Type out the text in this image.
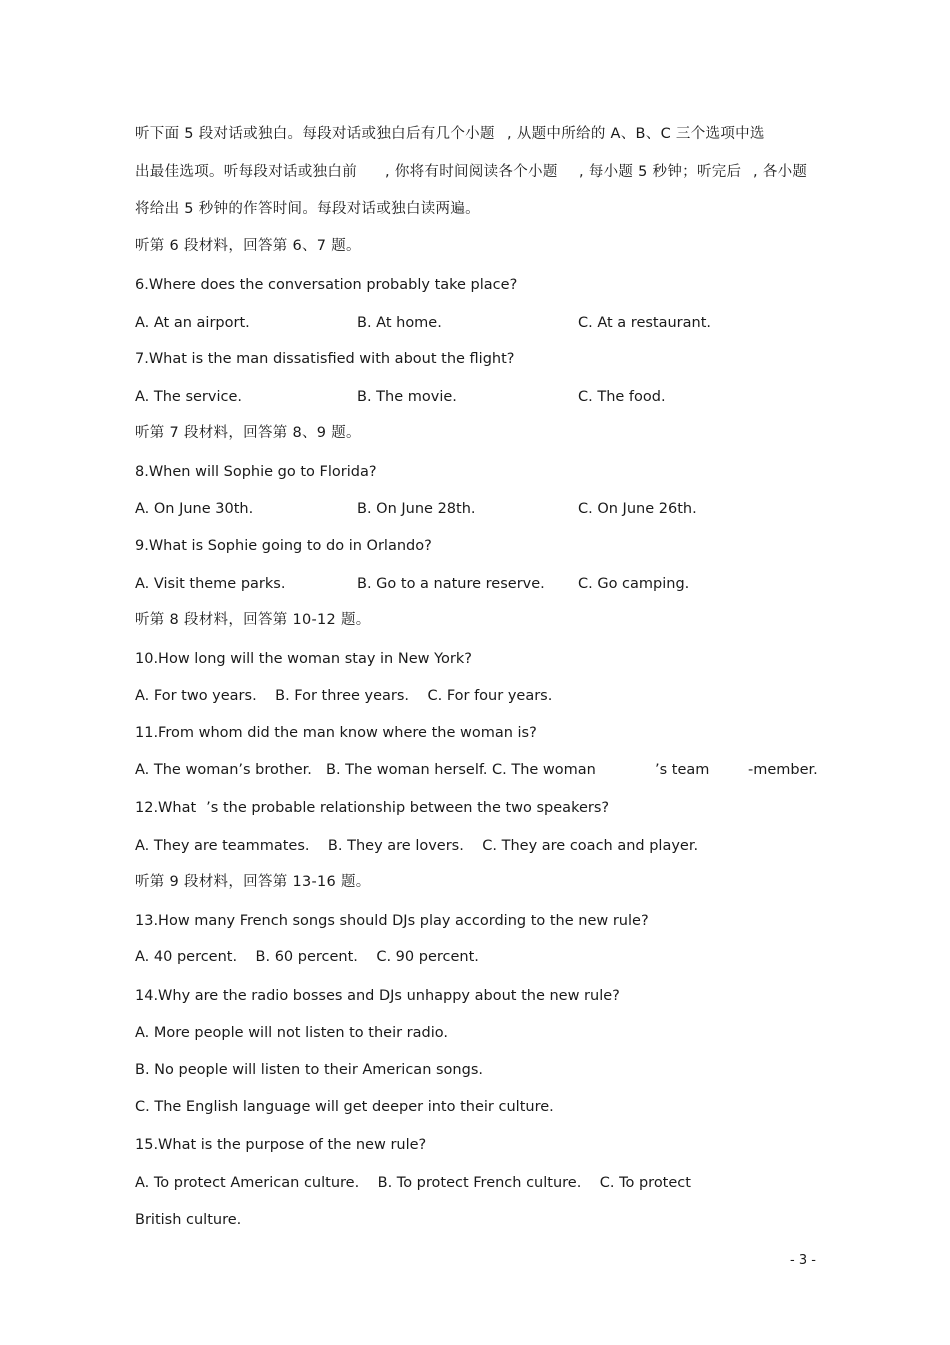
听下面 5 段对话或独白。每段对话或独白后有几个小题 , 从题中所给的 A、B、C 三个选项中选
出最佳选项。听每段对话或独白前 , 你将有时间阅读各个小题 , 每小题 5 秒钟；听完后 , 各小题
将给出 5 秒钟的作答时间。每段对话或独白读两遍。
听第 6 段材料，回答第 6、7 题。
6.Where does the conversation probably take place?
A. At an airport.	B. At home.	C. At a restaurant.
7.What is the man dissatisfied with about the flight?
A. The service.	B. The movie.	C. The food.
听第 7 段材料，回答第 8、9 题。
8.When will Sophie go to Florida?
A. On June 30th.	B. On June 28th.	C. On June 26th.
9.What is Sophie going to do in Orlando?
A. Visit theme parks.	B. Go to a nature reserve. C. Go camping.
听第 8 段材料，回答第 10-12 题。
10.How long will the woman stay in New York?
A. For two years.    B. For three years.    C. For four years.
11.From whom did the man know where the woman is?
A. The woman’s brother. B. The woman herself. C. The woman	’s team	-member.
12.What ’s the probable relationship between the two speakers?
A. They are teammates.    B. They are lovers.    C. They are coach and player.
听第 9 段材料，回答第 13-16 题。
13.How many French songs should DJs play according to the new rule?
A. 40 percent.    B. 60 percent.    C. 90 percent.
14.Why are the radio bosses and DJs unhappy about the new rule?
A. More people will not listen to their radio.
B. No people will listen to their American songs.
C. The English language will get deeper into their culture.
15.What is the purpose of the new rule?
A. To protect American culture.    B. To protect French culture.    C. To protect
British culture.
- 3 -
